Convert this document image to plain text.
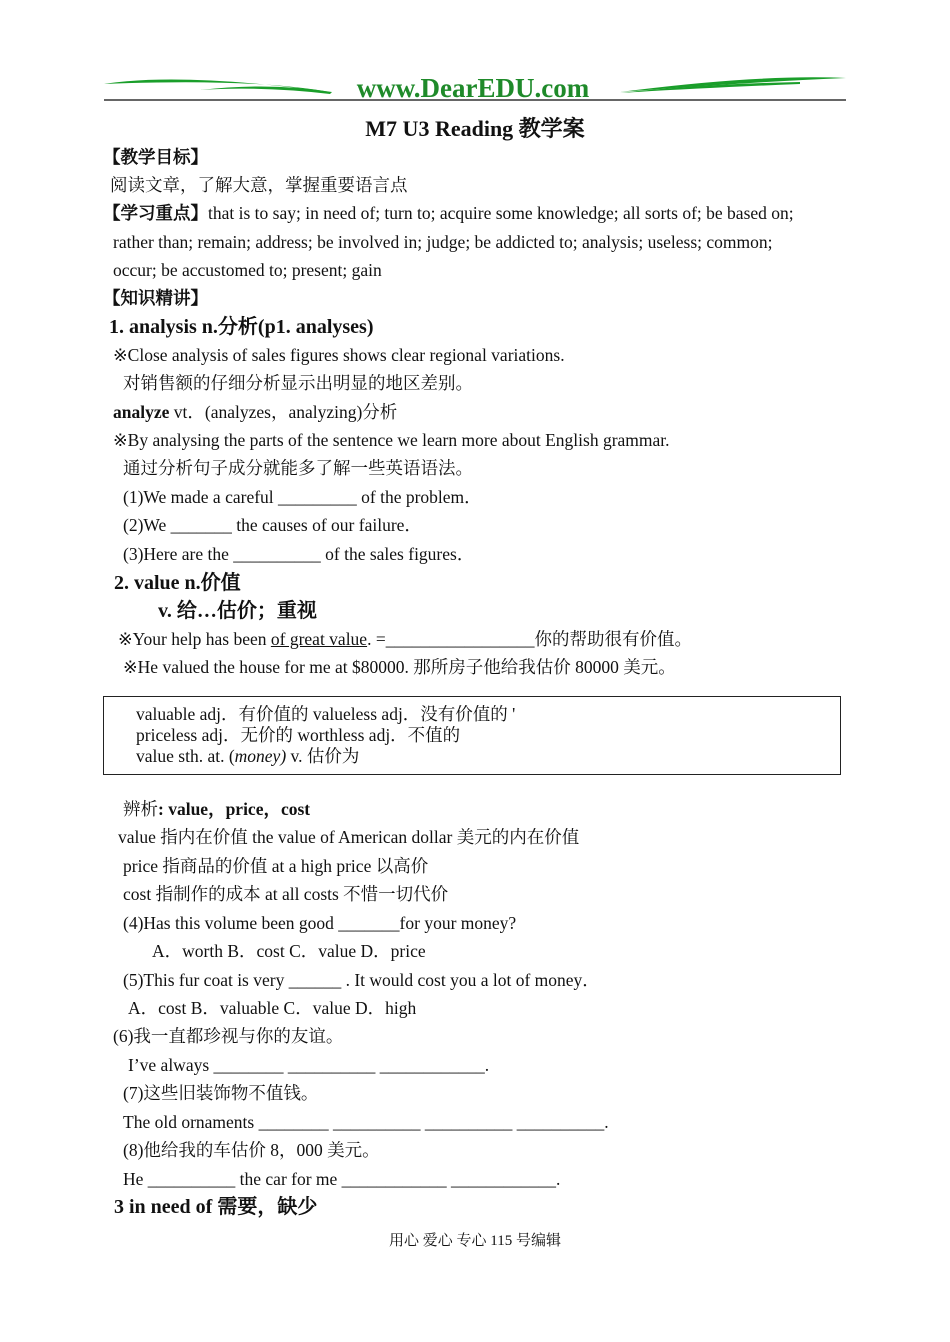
www.DearEDU.com
M7 U3 Reading 教学案
【教学目标】
阅读文章，了解大意，掌握重要语言点
【学习重点】that is to say; in need of; turn to; acquire some knowledge; all sorts of; be based on;
rather than; remain; address; be involved in; judge; be addicted to; analysis; useless; common;
occur; be accustomed to; present; gain
【知识精讲】
1. analysis n.分析(p1. analyses)
※Close analysis of sales figures shows clear regional variations.
对销售额的仔细分析显示出明显的地区差别。
analyze vt．(analyzes，analyzing)分析
※By analysing the parts of the sentence we learn more about English grammar.
通过分析句子成分就能多了解一些英语语法。
(1)We made a careful _________ of the problem．
(2)We _______ the causes of our failure．
(3)Here are the __________ of the sales figures．
2. value n.价值
v. 给…估价；重视
※Your help has been of great value. =_________________你的帮助很有价值。
※He valued the house for me at $80000. 那所房子他给我估价 80000 美元。
valuable adj．有价值的 valueless adj．没有价值的 '
priceless adj．无价的 worthless adj．不值的
value sth. at. (money) v. 估价为
辨析: value，price，cost
value 指内在价值 the value of American dollar 美元的内在价值
price 指商品的价值 at a high price 以高价
cost 指制作的成本 at all costs 不惜一切代价
(4)Has this volume been good _______for your money?
A．worth B．cost C．value D．price
(5)This fur coat is very ______ . It would cost you a lot of money．
A．cost B．valuable C．value D．high
(6)我一直都珍视与你的友谊。
I’ve always ________ __________ ____________.
(7)这些旧装饰物不值钱。
The old ornaments ________ __________ __________ __________.
(8)他给我的车估价 8，000 美元。
He __________ the car for me ____________ ____________.
3 in need of 需要，缺少
用心 爱心 专心 115 号编辑
